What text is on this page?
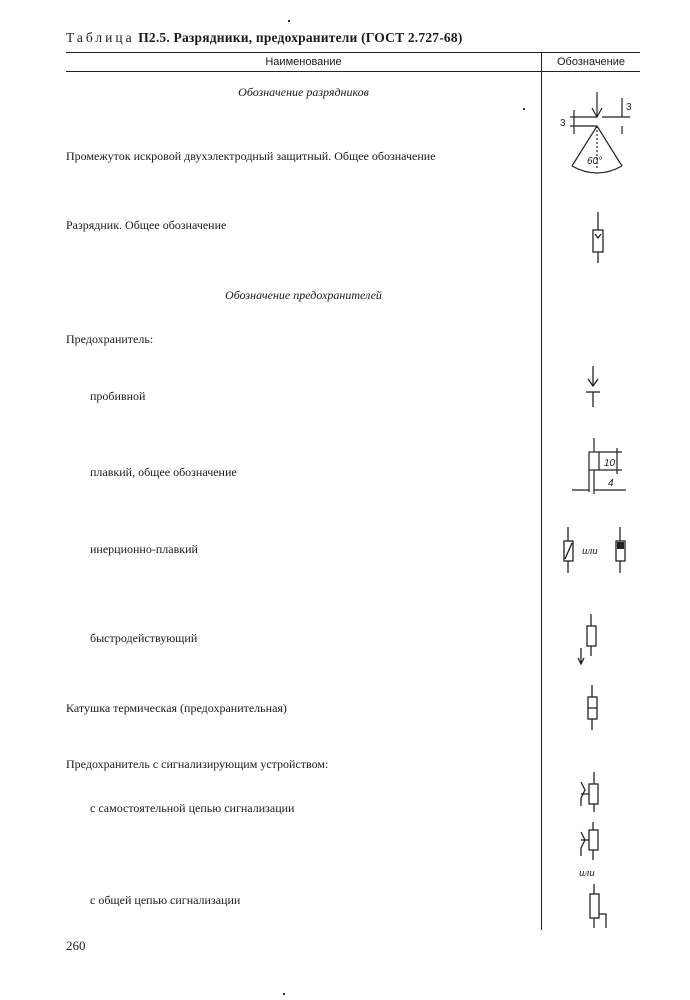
Таблица П2.5. Разрядники, предохранители (ГОСТ 2.727-68)
Наименование	Обозначение
Обозначение разрядников
Обозначение предохранителей
Промежуток искровой двухэлектродный защитный. Общее обозначение
Разрядник. Общее обозначение
Предохранитель:
пробивной
плавкий, общее обозначение
инерционно-плавкий
быстродействующий
Катушка термическая (предохранительная)
Предохранитель с сигнализирующим устройством:
с самостоятельной цепью сигнализации
с общей цепью сигнализации
3
3
60°
10
4
или
или
260
